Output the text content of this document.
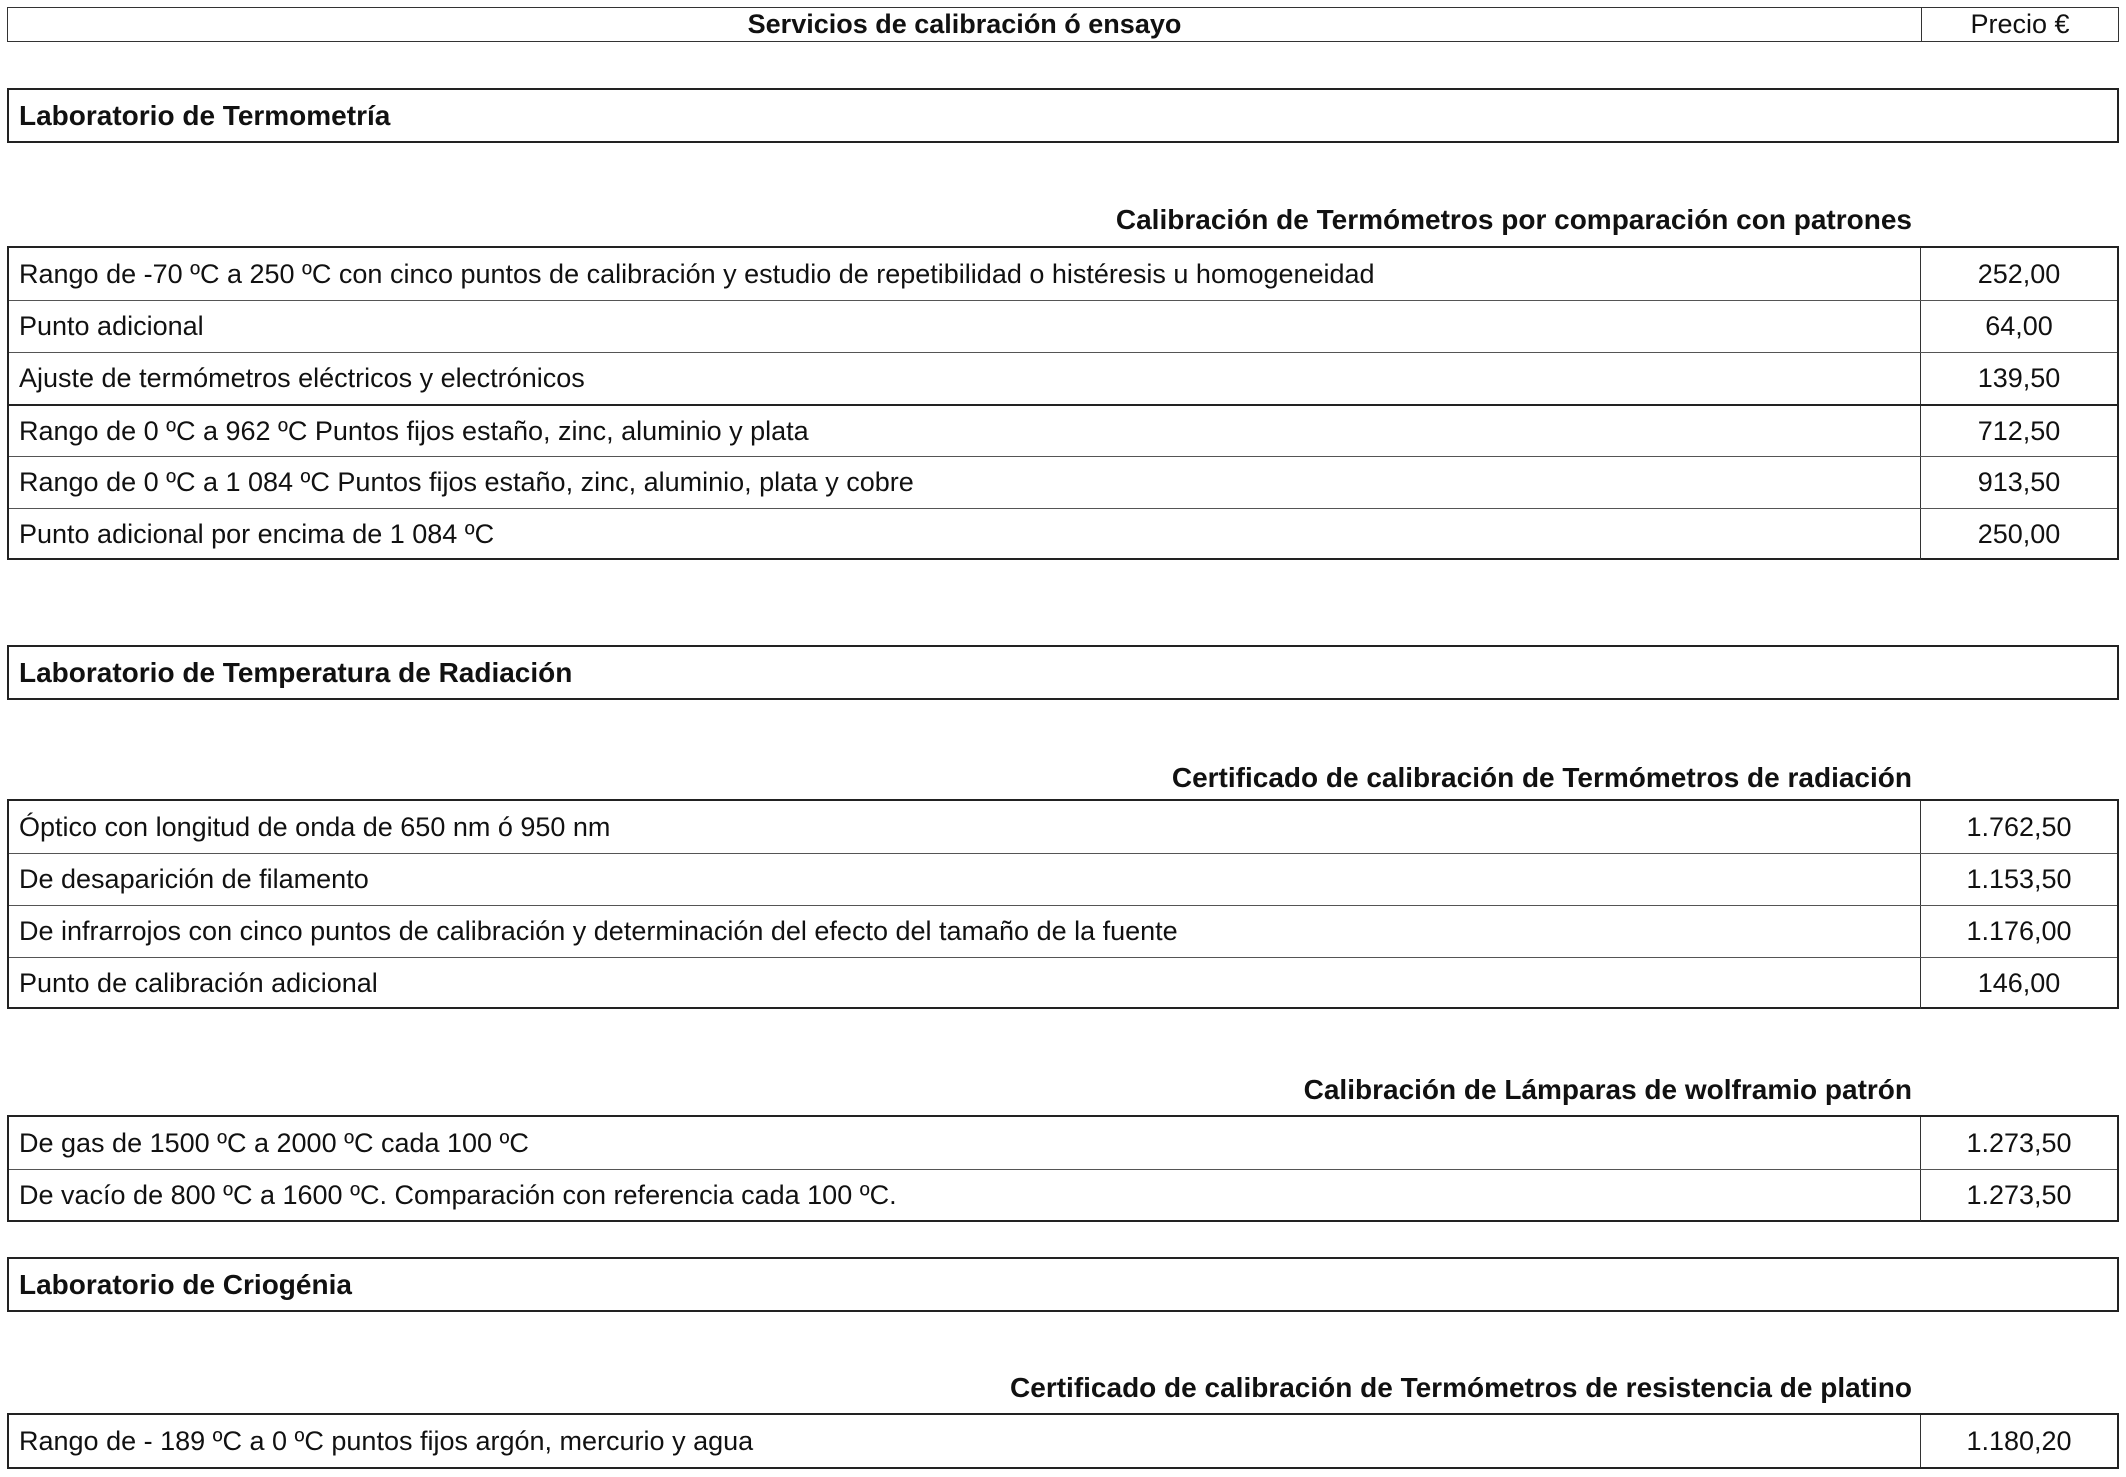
Servicios de calibración ó ensayo	Precio €
Laboratorio de Termometría
Calibración de Termómetros por comparación con patrones
Rango de -70 ºC a 250 ºC con cinco puntos de calibración y estudio de repetibilidad o histéresis u homogeneidad	252,00
Punto adicional	64,00
Ajuste de termómetros eléctricos y electrónicos	139,50
Rango de 0 ºC a 962 ºC Puntos fijos estaño, zinc, aluminio y plata	712,50
Rango de 0 ºC a 1 084 ºC Puntos fijos estaño, zinc, aluminio, plata y cobre	913,50
Punto adicional por encima de 1 084 ºC	250,00
Laboratorio de Temperatura de Radiación
Certificado de calibración de Termómetros de radiación
Óptico con longitud de onda de 650 nm ó 950 nm	1.762,50
De desaparición de filamento	1.153,50
De infrarrojos con cinco puntos de calibración y determinación del efecto del tamaño de la fuente	1.176,00
Punto de calibración adicional	146,00
Calibración de Lámparas de wolframio patrón
De gas de 1500 ºC a 2000 ºC cada 100 ºC	1.273,50
De vacío de 800 ºC a 1600 ºC. Comparación con referencia cada 100 ºC.	1.273,50
Laboratorio de Criogénia
Certificado de calibración de Termómetros de resistencia de platino
Rango de - 189 ºC a 0 ºC puntos fijos argón, mercurio y agua	1.180,20
